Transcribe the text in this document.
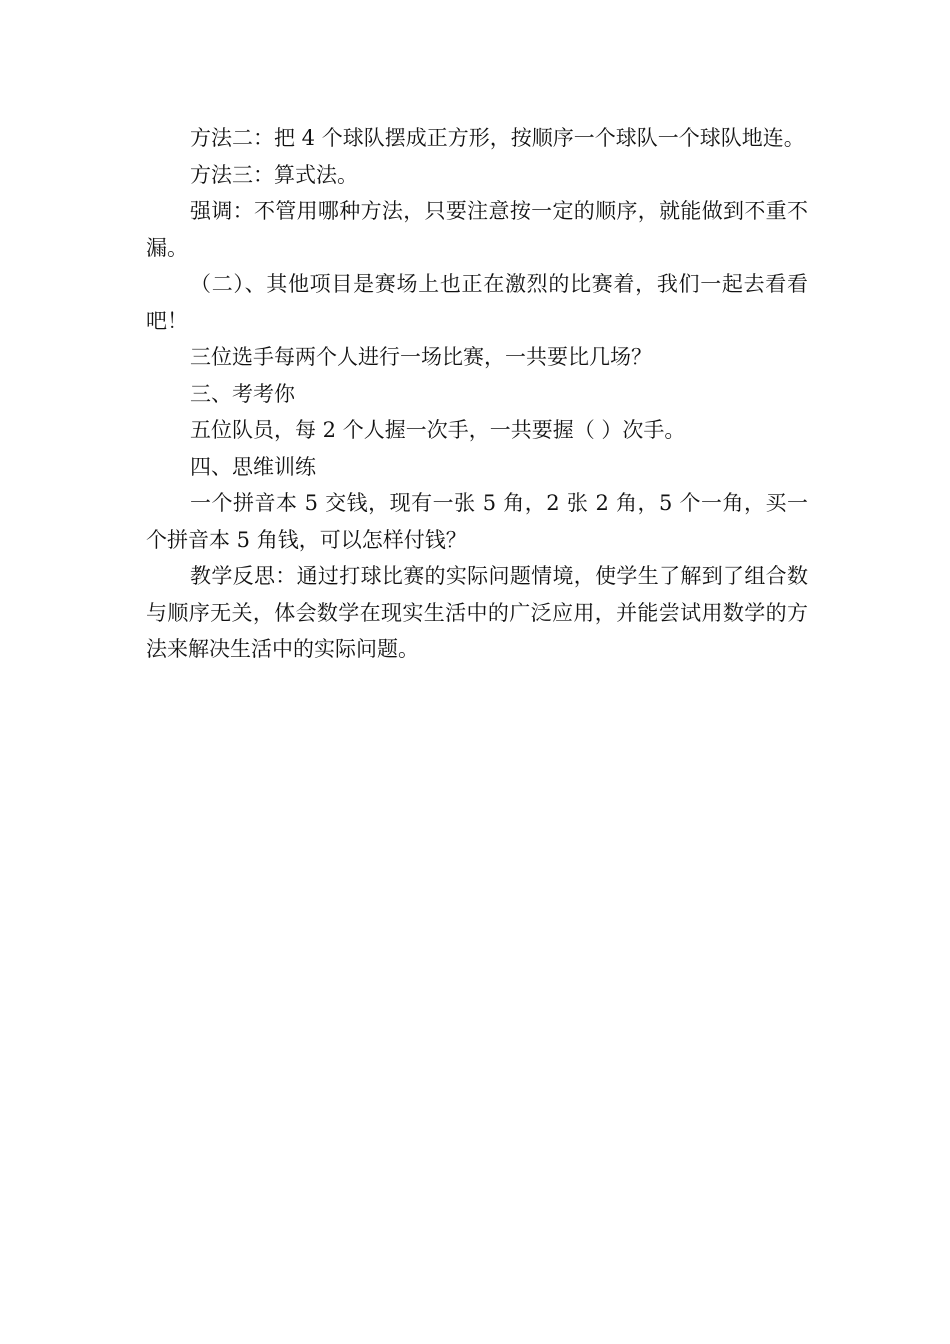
方法二：把 4 个球队摆成正方形，按顺序一个球队一个球队地连。

方法三：算式法。

强调：不管用哪种方法，只要注意按一定的顺序，就能做到不重不漏。

（二）、其他项目是赛场上也正在激烈的比赛着，我们一起去看看吧！

三位选手每两个人进行一场比赛，一共要比几场？

三、考考你

五位队员，每 2 个人握一次手，一共要握（ ）次手。

四、思维训练

一个拼音本 5 交钱，现有一张 5 角，2 张 2 角，5 个一角，买一个拼音本 5 角钱，可以怎样付钱？

教学反思：通过打球比赛的实际问题情境，使学生了解到了组合数与顺序无关，体会数学在现实生活中的广泛应用，并能尝试用数学的方法来解决生活中的实际问题。
